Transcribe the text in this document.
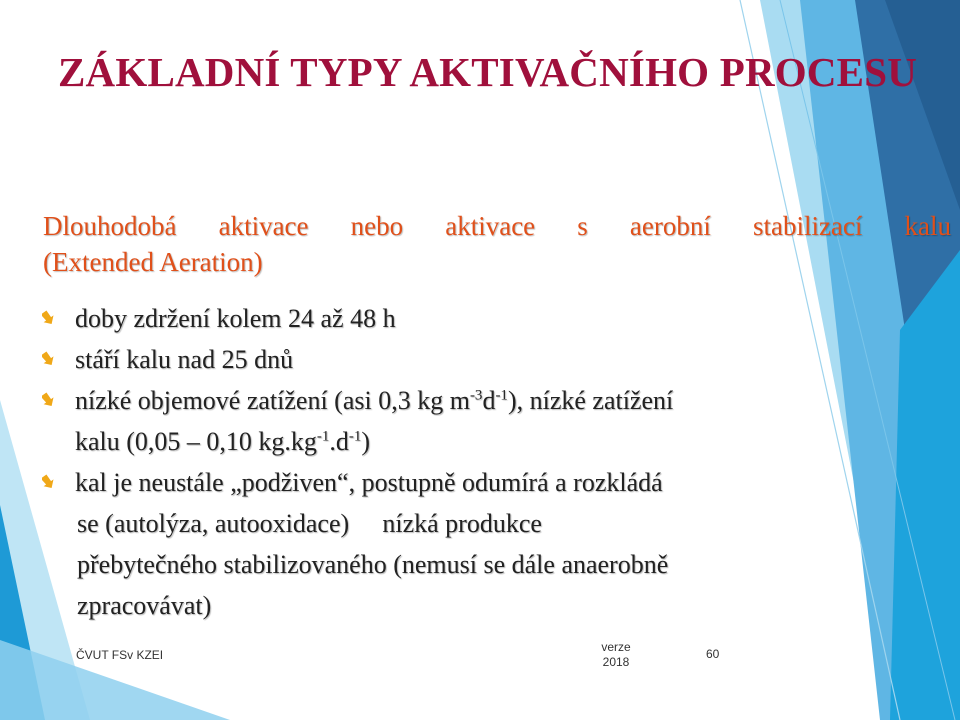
ZÁKLADNÍ TYPY AKTIVAČNÍHO PROCESU
Dlouhodobá aktivace nebo aktivace s aerobní stabilizací kalu
(Extended Aeration)
doby zdržení kolem 24 až 48 h
stáří kalu nad 25 dnů
nízké objemové zatížení (asi 0,3 kg $m^{-3}d^{-1}$), nízké zatížení
kalu (0,05 – 0,10 $kg.kg^{-1}.d^{-1}$)
kal je neustále „podživen“, postupně odumírá a rozkládá
se (autolýza, autooxidace) nízká produkce
přebytečného stabilizovaného (nemusí se dále anaerobně
zpracovávat)
ČVUT FSv KZEI
verze
2018
60
